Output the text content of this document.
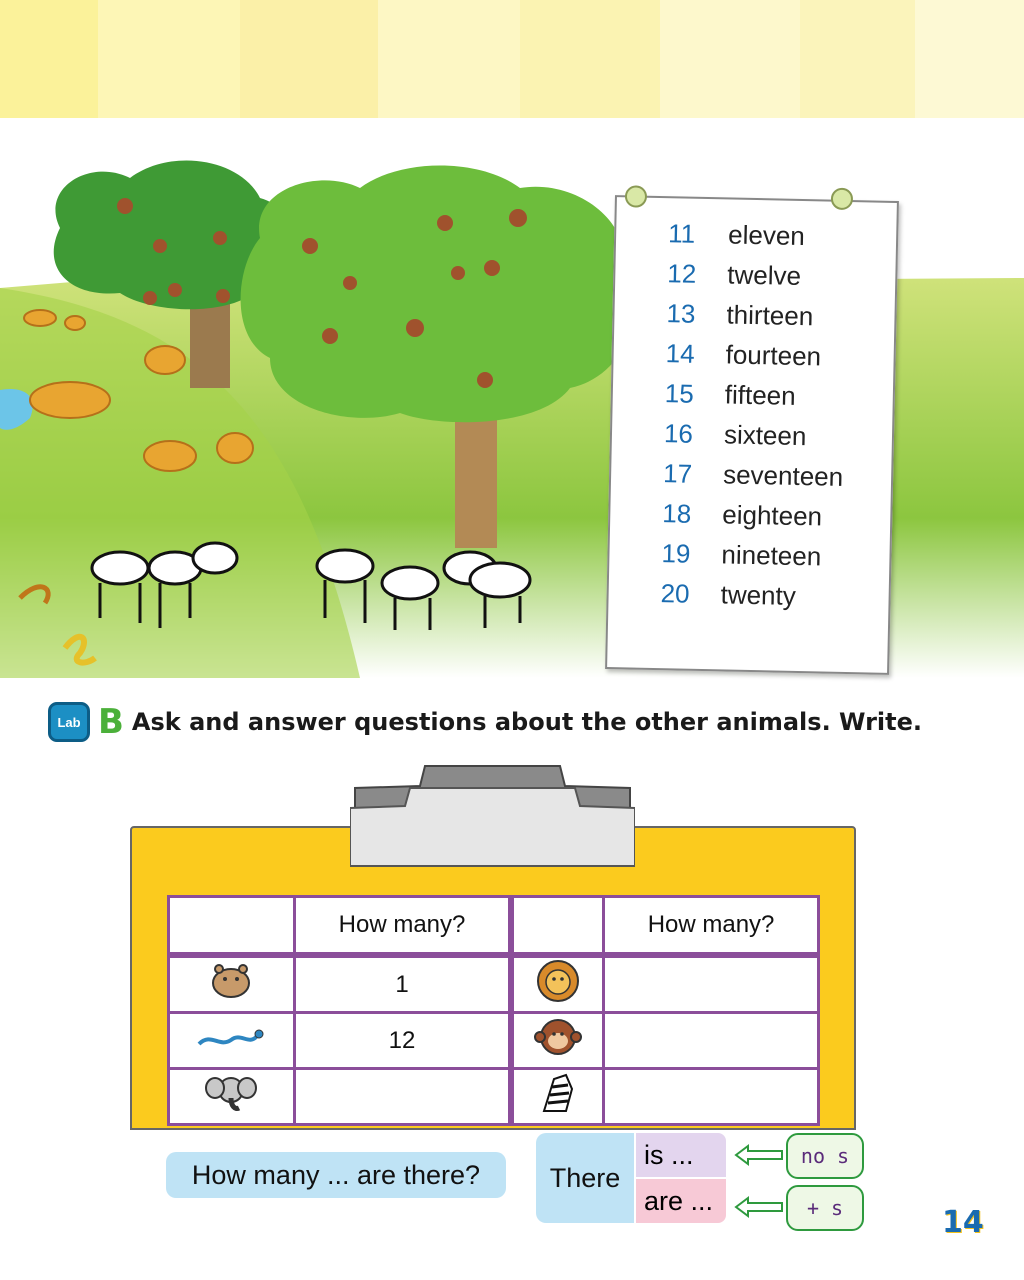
11 eleven
12 twelve
13 thirteen
14 fourteen
15 fifteen
16 sixteen
17 seventeen
18 eighteen
19 nineteen
20 twenty
Lab B Ask and answer questions about the other animals. Write.
	How many?		How many?
	1		
	12		

How many ... are there?	There
is ...
are ...
no s
+ s	14
